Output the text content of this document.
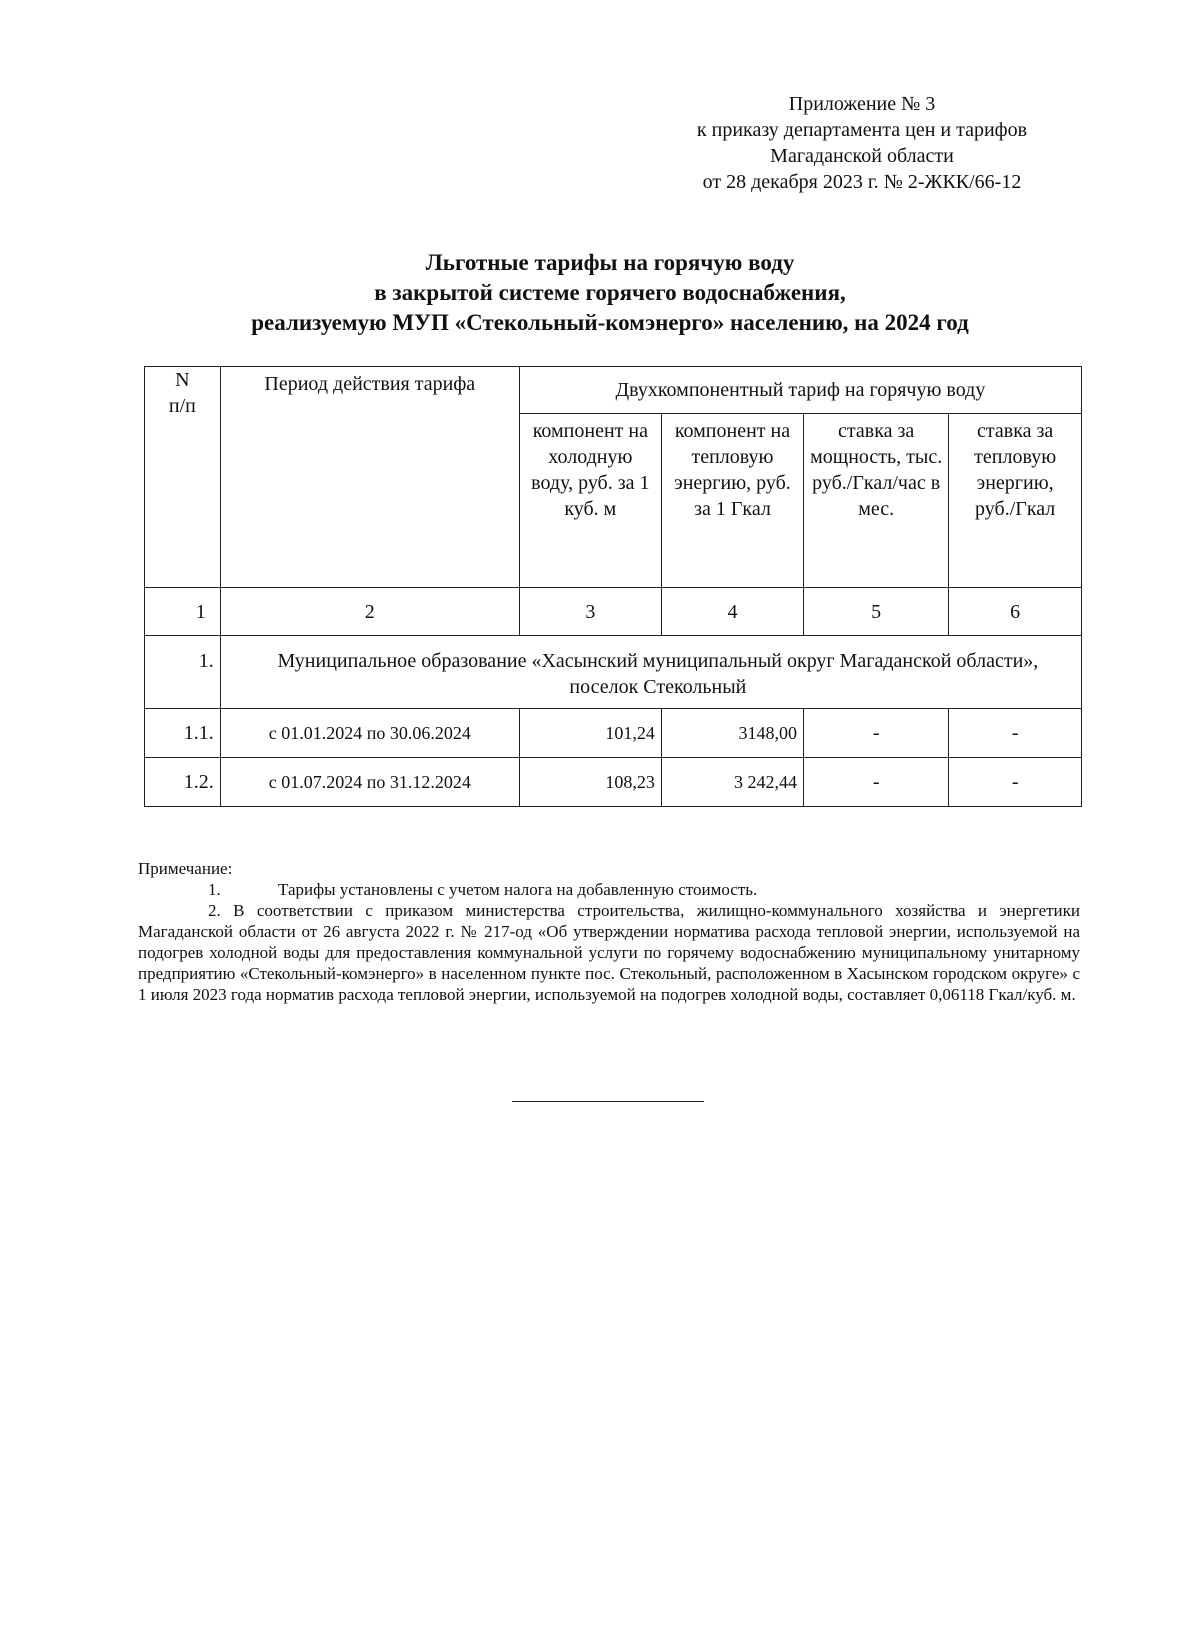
Приложение № 3
к приказу департамента цен и тарифов
Магаданской области
от 28 декабря 2023 г. № 2-ЖКК/66-12
Льготные тарифы на горячую воду
в закрытой системе горячего водоснабжения,
реализуемую МУП «Стекольный-комэнерго» населению, на 2024 год
N п/п	Период действия тарифа	Двухкомпонентный тариф на горячую воду			
		компонент на холодную воду, руб. за 1 куб. м	компонент на тепловую энергию, руб. за 1 Гкал	ставка за мощность, тыс. руб./Гкал/час в мес.	ставка за тепловую энергию, руб./Гкал
1	2	3	4	5	6
1.	Муниципальное образование «Хасынский муниципальный округ Магаданской области», поселок Стекольный				
1.1.	с 01.01.2024 по 30.06.2024	101,24	3148,00	-	-
1.2.	с 01.07.2024 по 31.12.2024	108,23	3 242,44	-	-
Примечание:
1.	Тарифы установлены с учетом налога на добавленную стоимость.
2. В соответствии с приказом министерства строительства, жилищно-коммунального хозяйства и энергетики Магаданской области от 26 августа 2022 г. № 217-од «Об утверждении норматива расхода тепловой энергии, используемой на подогрев холодной воды для предоставления коммунальной услуги по горячему водоснабжению муниципальному унитарному предприятию «Стекольный-комэнерго» в населенном пункте пос. Стекольный, расположенном в Хасынском городском округе» с 1 июля 2023 года норматив расхода тепловой энергии, используемой на подогрев холодной воды, составляет 0,06118 Гкал/куб. м.
